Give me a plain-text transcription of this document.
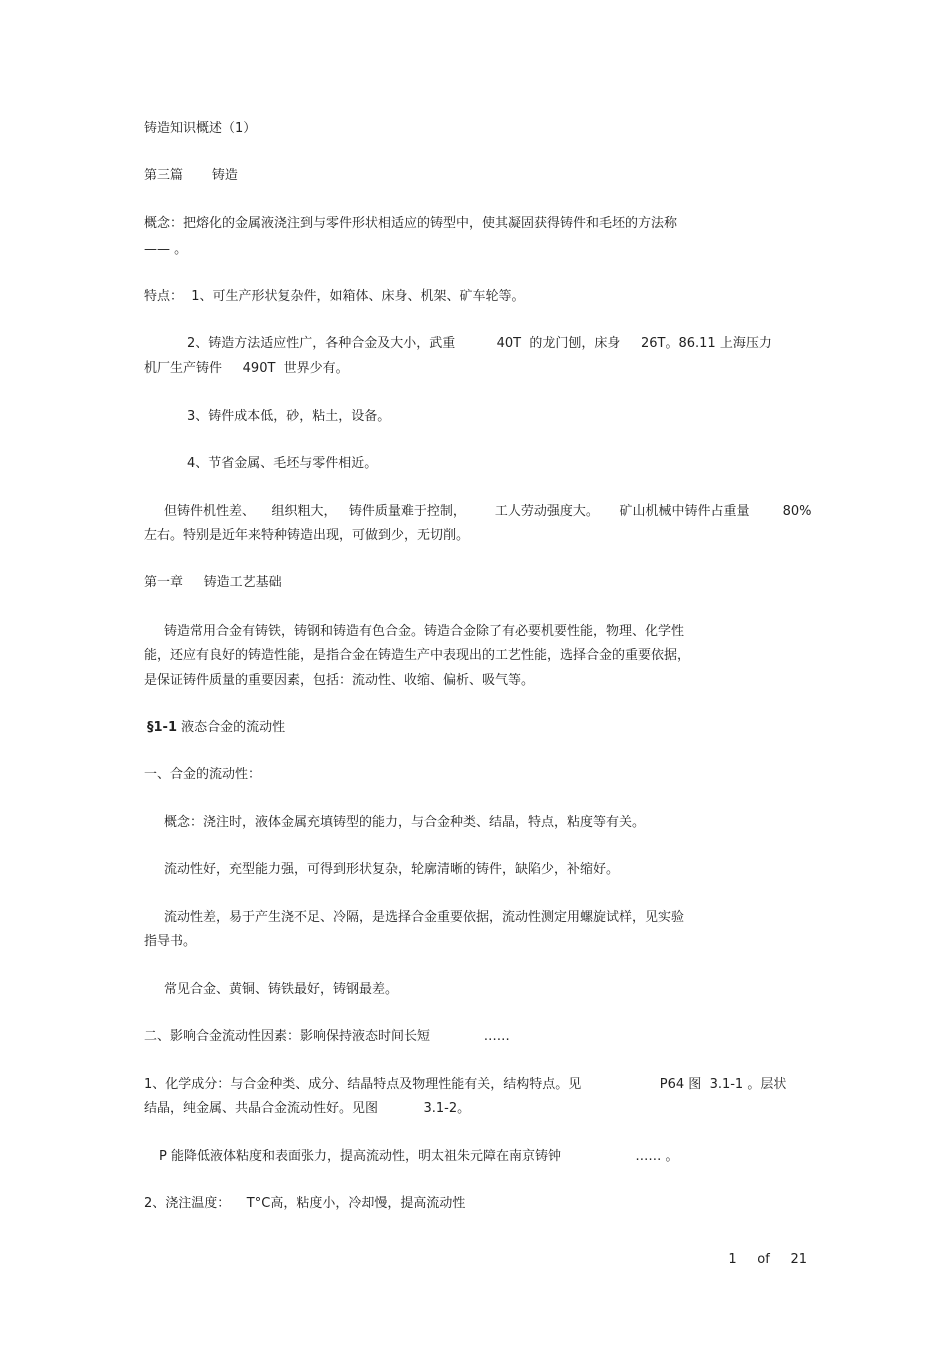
铸造知识概述（1）
第三篇       铸造
概念：把熔化的金属液浇注到与零件形状相适应的铸型中，使其凝固获得铸件和毛坯的方法称
—— 。
特点：  1、可生产形状复杂件，如箱体、床身、机架、矿车轮等。
2、铸造方法适应性广，各种合金及大小，武重          40T  的龙门刨，床身     26T。86.11 上海压力
机厂生产铸件     490T  世界少有。
3、铸件成本低，砂，粘土，设备。
4、节省金属、毛坯与零件相近。
但铸件机性差、    组织粗大，   铸件质量难于控制，       工人劳动强度大。     矿山机械中铸件占重量        80%
左右。特别是近年来特种铸造出现，可做到少，无切削。
第一章     铸造工艺基础
铸造常用合金有铸铁，铸钢和铸造有色合金。铸造合金除了有必要机要性能，物理、化学性
能，还应有良好的铸造性能，是指合金在铸造生产中表现出的工艺性能，选择合金的重要依据，
是保证铸件质量的重要因素，包括：流动性、收缩、偏析、吸气等。
§1-1 液态合金的流动性
一、合金的流动性：
概念：浇注时，液体金属充填铸型的能力，与合金种类、结晶，特点，粘度等有关。
流动性好，充型能力强，可得到形状复杂，轮廓清晰的铸件，缺陷少，补缩好。
流动性差，易于产生浇不足、冷隔，是选择合金重要依据，流动性测定用螺旋试样，见实验
指导书。
常见合金、黄铜、铸铁最好，铸钢最差。
二、影响合金流动性因素：影响保持液态时间长短             ……
1、化学成分：与合金种类、成分、结晶特点及物理性能有关，结构特点。见                   P64 图  3.1-1 。层状
结晶，纯金属、共晶合金流动性好。见图           3.1-2。
P 能降低液体粘度和表面张力，提高流动性，明太祖朱元障在南京铸钟                  …… 。
2、浇注温度：    T°C高，粘度小，冷却慢，提高流动性
1     of     21
